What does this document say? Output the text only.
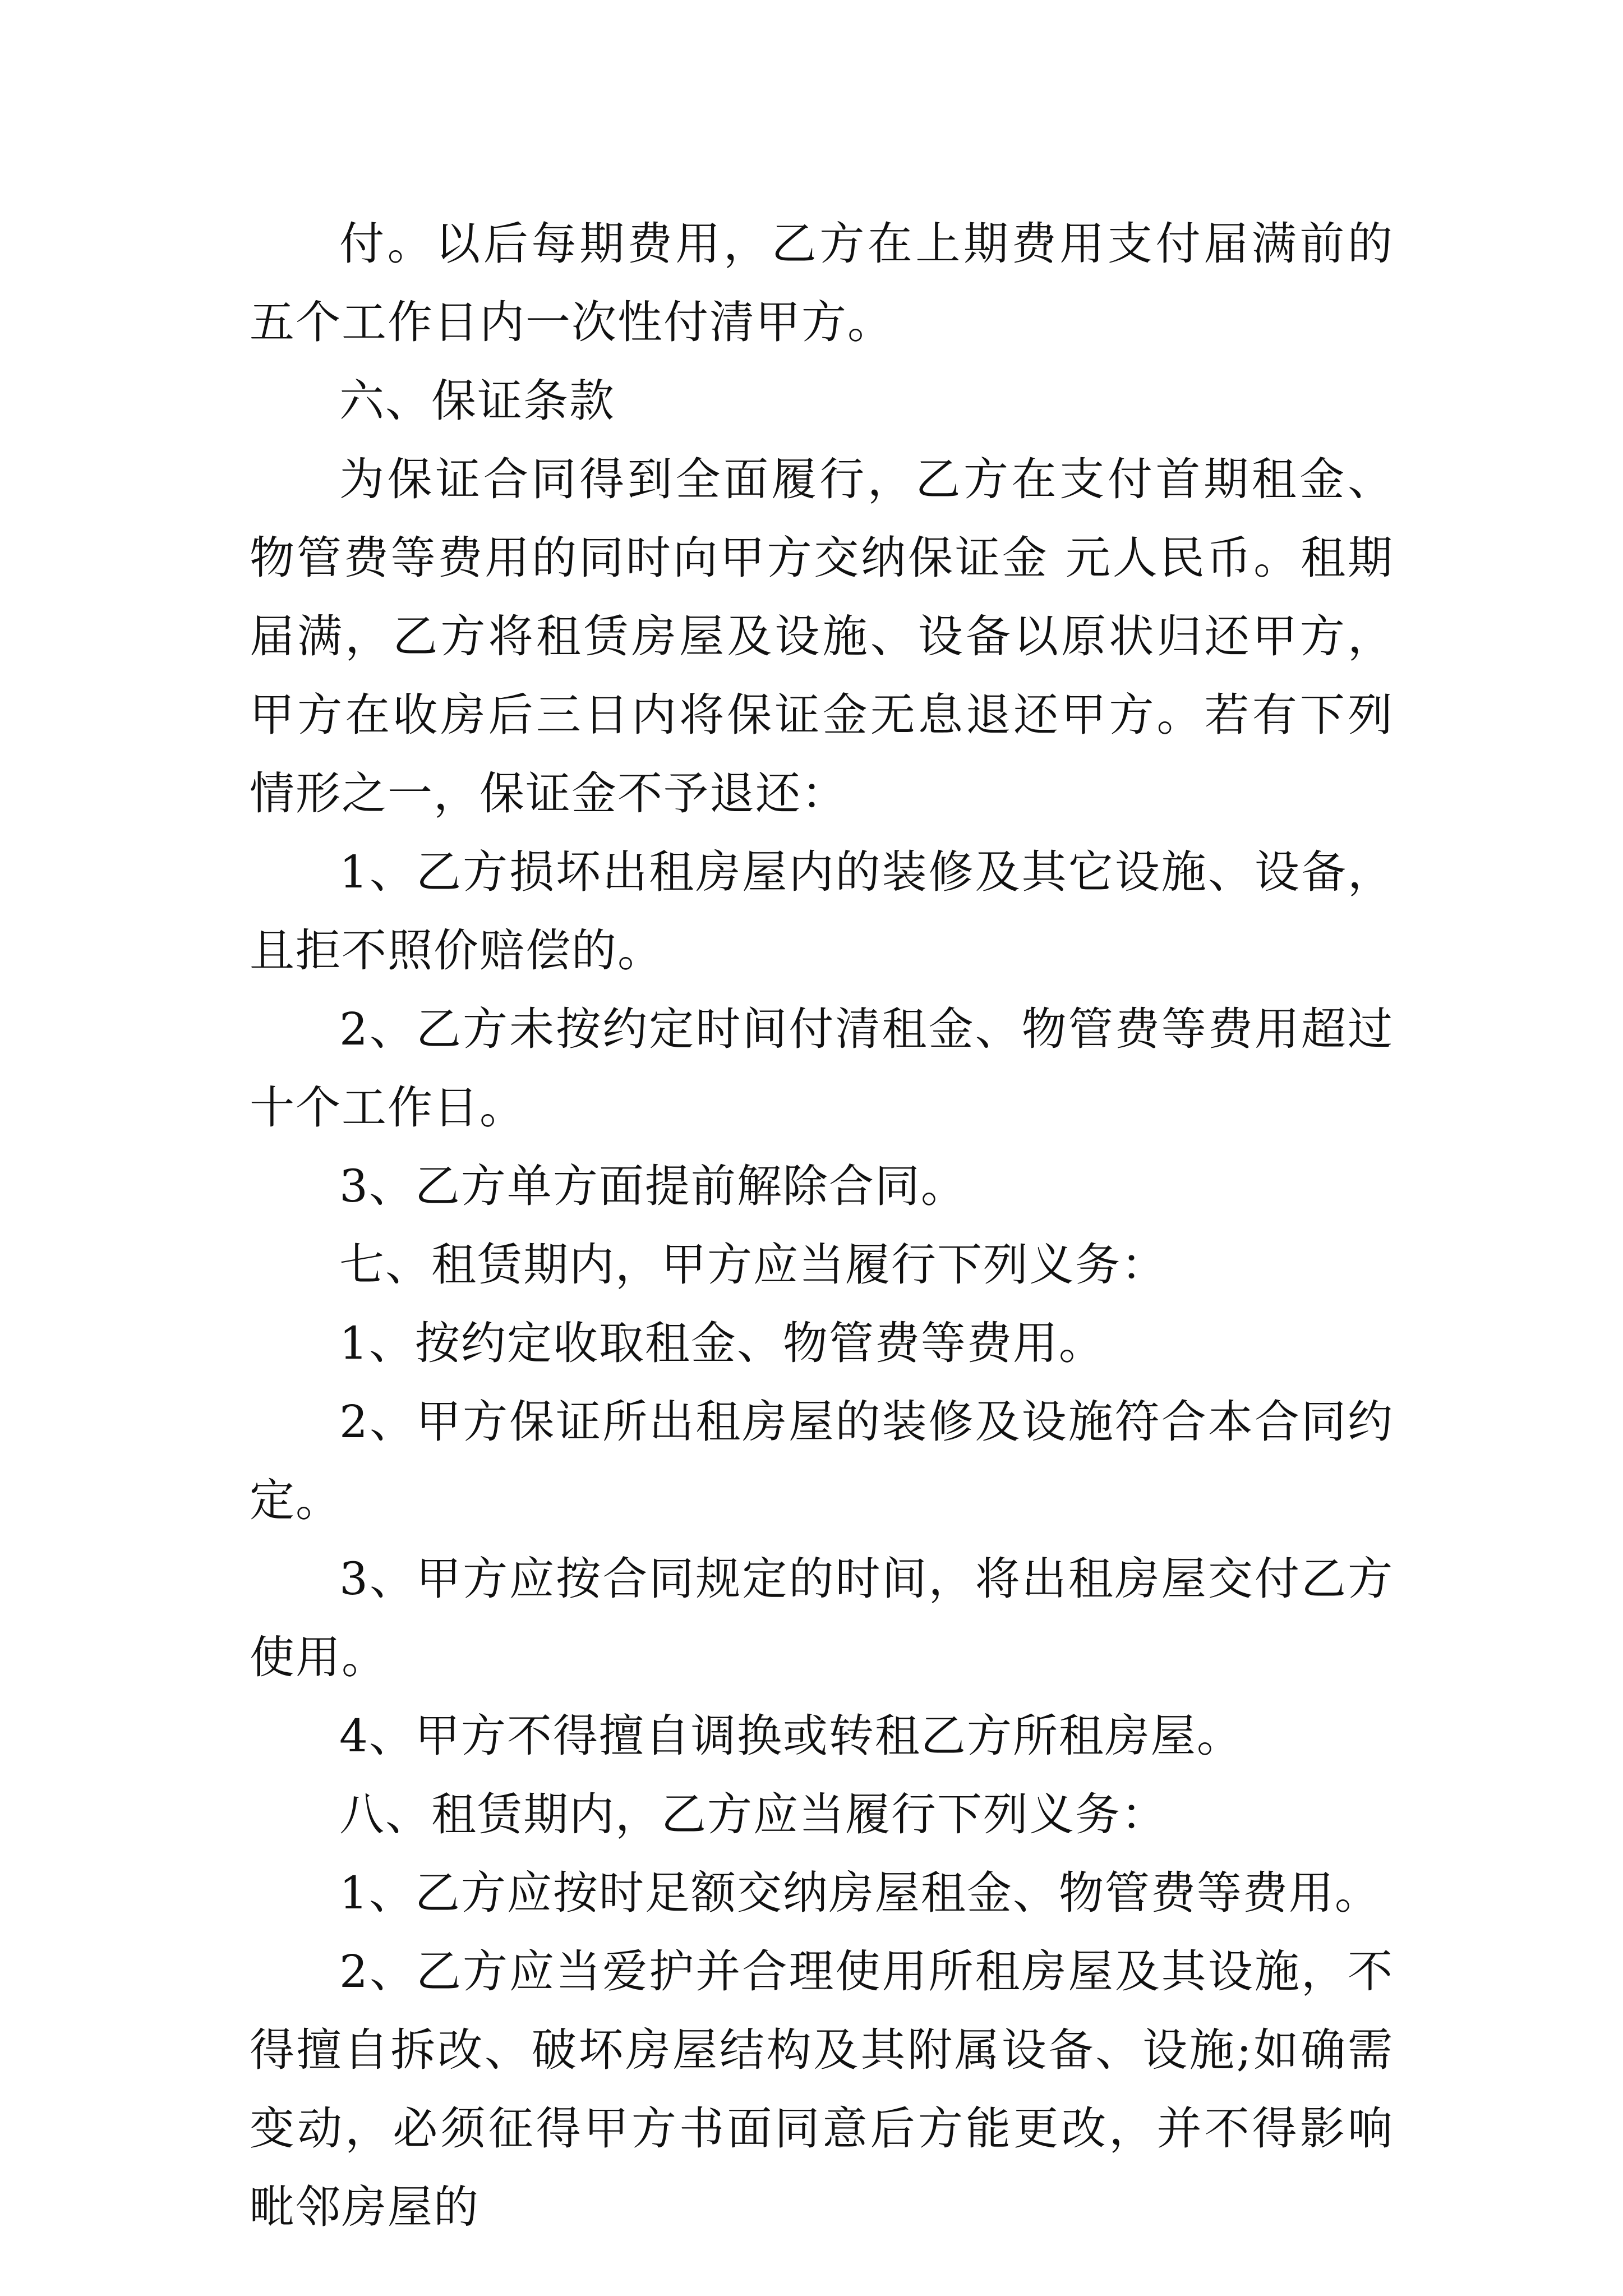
付。以后每期费用，乙方在上期费用支付届满前的五个工作日内一次性付清甲方。

六、保证条款

为保证合同得到全面履行，乙方在支付首期租金、物管费等费用的同时向甲方交纳保证金 元人民币。租期届满，乙方将租赁房屋及设施、设备以原状归还甲方，甲方在收房后三日内将保证金无息退还甲方。若有下列情形之一，保证金不予退还：

1、乙方损坏出租房屋内的装修及其它设施、设备，且拒不照价赔偿的。

2、乙方未按约定时间付清租金、物管费等费用超过十个工作日。

3、乙方单方面提前解除合同。

七、租赁期内，甲方应当履行下列义务：

1、按约定收取租金、物管费等费用。

2、甲方保证所出租房屋的装修及设施符合本合同约定。

3、甲方应按合同规定的时间，将出租房屋交付乙方使用。

4、甲方不得擅自调换或转租乙方所租房屋。

八、租赁期内，乙方应当履行下列义务：

1、乙方应按时足额交纳房屋租金、物管费等费用。

2、乙方应当爱护并合理使用所租房屋及其设施，不得擅自拆改、破坏房屋结构及其附属设备、设施;如确需变动，必须征得甲方书面同意后方能更改，并不得影响毗邻房屋的
